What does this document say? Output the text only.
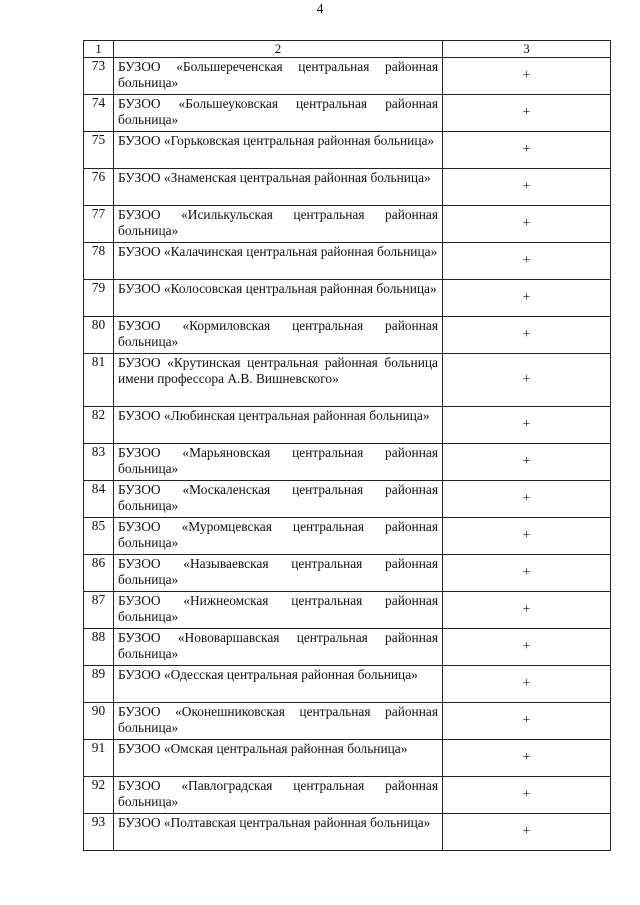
4
1	2	3
73	БУЗОО «Большереченская центральная районная больница»	+
74	БУЗОО «Большеуковская центральная районная больница»	+
75	БУЗОО «Горьковская центральная районная больница»	+
76	БУЗОО «Знаменская центральная районная больница»	+
77	БУЗОО «Исилькульская центральная районная больница»	+
78	БУЗОО «Калачинская центральная районная больница»	+
79	БУЗОО «Колосовская центральная районная больница»	+
80	БУЗОО «Кормиловская центральная районная больница»	+
81	БУЗОО «Крутинская центральная районная больница имени профессора А.В. Вишневского»	+
82	БУЗОО «Любинская центральная районная больница»	+
83	БУЗОО «Марьяновская центральная районная больница»	+
84	БУЗОО «Москаленская центральная районная больница»	+
85	БУЗОО «Муромцевская центральная районная больница»	+
86	БУЗОО «Называевская центральная районная больница»	+
87	БУЗОО «Нижнеомская центральная районная больница»	+
88	БУЗОО «Нововаршавская центральная районная больница»	+
89	БУЗОО «Одесская центральная районная больница»	+
90	БУЗОО «Оконешниковская центральная районная больница»	+
91	БУЗОО «Омская центральная районная больница»	+
92	БУЗОО «Павлоградская центральная районная больница»	+
93	БУЗОО «Полтавская центральная районная больница»	+
